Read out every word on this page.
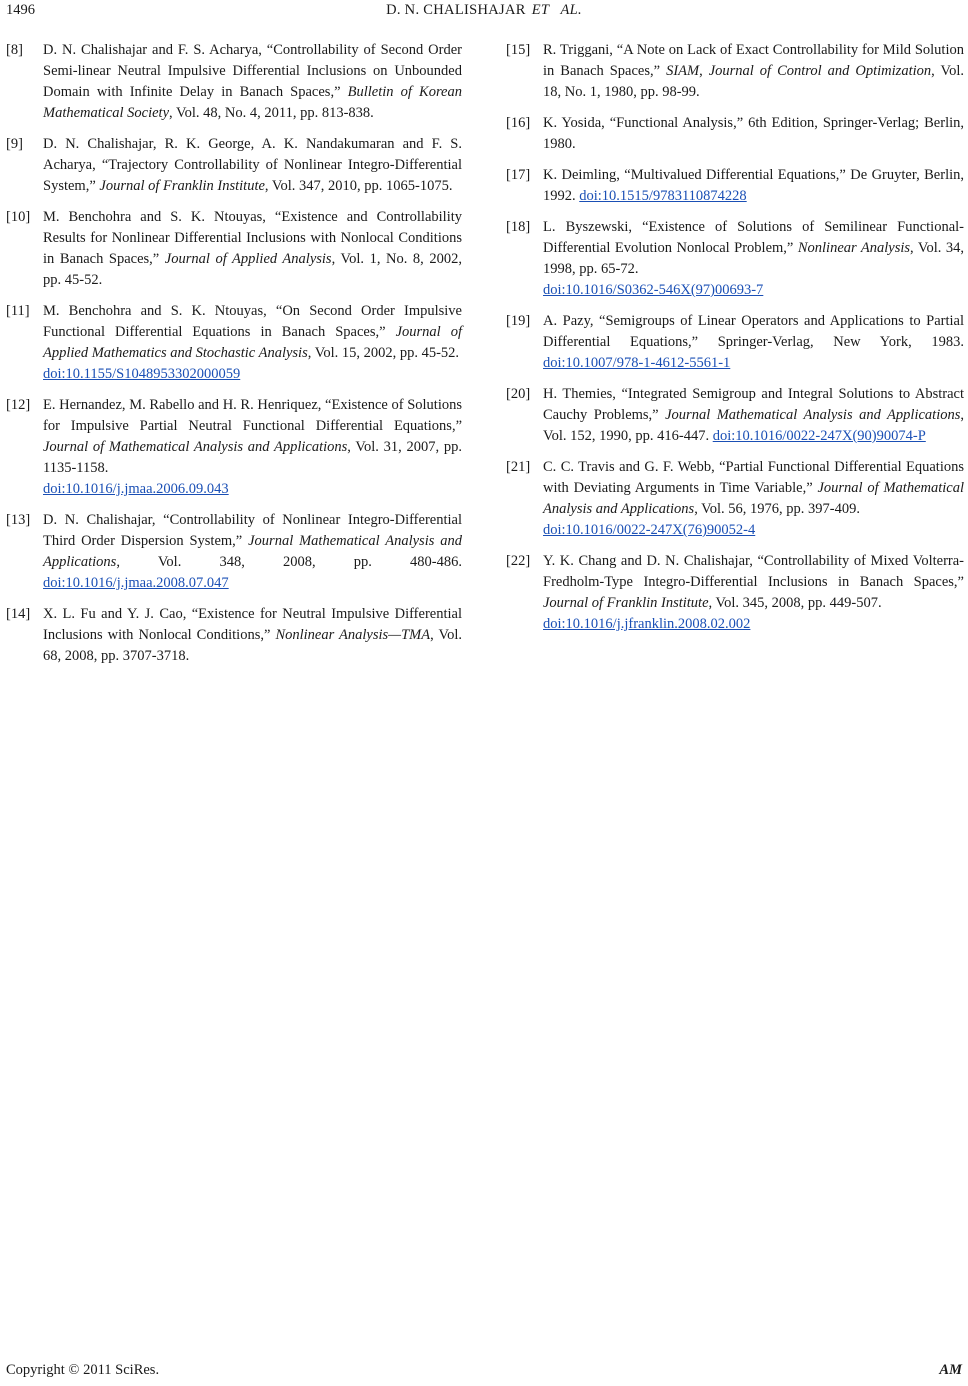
1496	D. N. CHALISHAJAR ET   AL.
[8] D. N. Chalishajar and F. S. Acharya, “Controllability of Second Order Semi-linear Neutral Impulsive Differential Inclusions on Unbounded Domain with Infinite Delay in Banach Spaces,” Bulletin of Korean Mathematical Society, Vol. 48, No. 4, 2011, pp. 813-838.
[9] D. N. Chalishajar, R. K. George, A. K. Nandakumaran and F. S. Acharya, “Trajectory Controllability of Nonlinear Integro-Differential System,” Journal of Franklin Institute, Vol. 347, 2010, pp. 1065-1075.
[10] M. Benchohra and S. K. Ntouyas, “Existence and Controllability Results for Nonlinear Differential Inclusions with Nonlocal Conditions in Banach Spaces,” Journal of Applied Analysis, Vol. 1, No. 8, 2002, pp. 45-52.
[11] M. Benchohra and S. K. Ntouyas, “On Second Order Impulsive Functional Differential Equations in Banach Spaces,” Journal of Applied Mathematics and Stochastic Analysis, Vol. 15, 2002, pp. 45-52.
doi:10.1155/S1048953302000059
[12] E. Hernandez, M. Rabello and H. R. Henriquez, “Existence of Solutions for Impulsive Partial Neutral Functional Differential Equations,” Journal of Mathematical Analysis and Applications, Vol. 31, 2007, pp. 1135-1158.
doi:10.1016/j.jmaa.2006.09.043
[13] D. N. Chalishajar, “Controllability of Nonlinear Integro-Differential Third Order Dispersion System,” Journal Mathematical Analysis and Applications, Vol. 348, 2008, pp. 480-486. doi:10.1016/j.jmaa.2008.07.047
[14] X. L. Fu and Y. J. Cao, “Existence for Neutral Impulsive Differential Inclusions with Nonlocal Conditions,” Nonlinear Analysis—TMA, Vol. 68, 2008, pp. 3707-3718.
[15] R. Triggani, “A Note on Lack of Exact Controllability for Mild Solution in Banach Spaces,” SIAM, Journal of Control and Optimization, Vol. 18, No. 1, 1980, pp. 98-99.
[16] K. Yosida, “Functional Analysis,” 6th Edition, Springer-Verlag; Berlin, 1980.
[17] K. Deimling, “Multivalued Differential Equations,” De Gruyter, Berlin, 1992. doi:10.1515/9783110874228
[18] L. Byszewski, “Existence of Solutions of Semilinear Functional-Differential Evolution Nonlocal Problem,” Nonlinear Analysis, Vol. 34, 1998, pp. 65-72.
doi:10.1016/S0362-546X(97)00693-7
[19] A. Pazy, “Semigroups of Linear Operators and Applications to Partial Differential Equations,” Springer-Verlag, New York, 1983. doi:10.1007/978-1-4612-5561-1
[20] H. Themies, “Integrated Semigroup and Integral Solutions to Abstract Cauchy Problems,” Journal Mathematical Analysis and Applications, Vol. 152, 1990, pp. 416-447. doi:10.1016/0022-247X(90)90074-P
[21] C. C. Travis and G. F. Webb, “Partial Functional Differential Equations with Deviating Arguments in Time Variable,” Journal of Mathematical Analysis and Applications, Vol. 56, 1976, pp. 397-409.
doi:10.1016/0022-247X(76)90052-4
[22] Y. K. Chang and D. N. Chalishajar, “Controllability of Mixed Volterra-Fredholm-Type Integro-Differential Inclusions in Banach Spaces,” Journal of Franklin Institute, Vol. 345, 2008, pp. 449-507.
doi:10.1016/j.jfranklin.2008.02.002
Copyright © 2011 SciRes.	AM
